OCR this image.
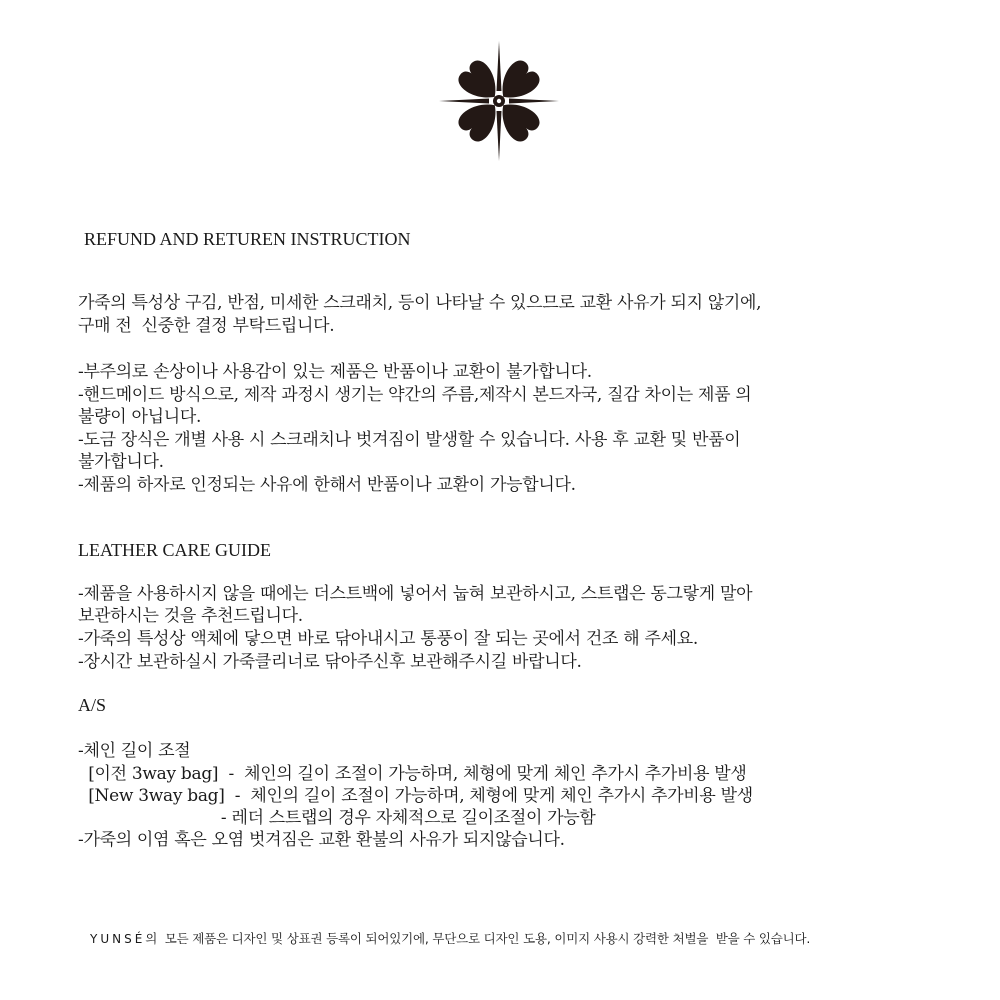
REFUND AND RETUREN INSTRUCTION
가죽의 특성상 구김, 반점, 미세한 스크래치, 등이 나타날 수 있으므로 교환 사유가 되지 않기에,
구매 전  신중한 결정 부탁드립니다.
-부주의로 손상이나 사용감이 있는 제품은 반품이나 교환이 불가합니다.
-핸드메이드 방식으로, 제작 과정시 생기는 약간의 주름,제작시 본드자국, 질감 차이는 제품 의
불량이 아닙니다.
-도금 장식은 개별 사용 시 스크래치나 벗겨짐이 발생할 수 있습니다. 사용 후 교환 및 반품이
불가합니다.
-제품의 하자로 인정되는 사유에 한해서 반품이나 교환이 가능합니다.
LEATHER CARE GUIDE
-제품을 사용하시지 않을 때에는 더스트백에 넣어서 눕혀 보관하시고, 스트랩은 동그랗게 말아
보관하시는 것을 추천드립니다.
-가죽의 특성상 액체에 닿으면 바로 닦아내시고 통풍이 잘 되는 곳에서 건조 해 주세요.
-장시간 보관하실시 가죽클리너로 닦아주신후 보관해주시길 바랍니다.
A/S
-체인 길이 조절
[이전 3way bag]  -  체인의 길이 조절이 가능하며, 체형에 맞게 체인 추가시 추가비용 발생
[New 3way bag]  -  체인의 길이 조절이 가능하며, 체형에 맞게 체인 추가시 추가비용 발생
- 레더 스트랩의 경우 자체적으로 길이조절이 가능함
-가죽의 이염 혹은 오염 벗겨짐은 교환 환불의 사유가 되지않습니다.
YUNSÉ의  모든 제품은 디자인 및 상표권 등록이 되어있기에, 무단으로 디자인 도용, 이미지 사용시 강력한 처벌을  받을 수 있습니다.
